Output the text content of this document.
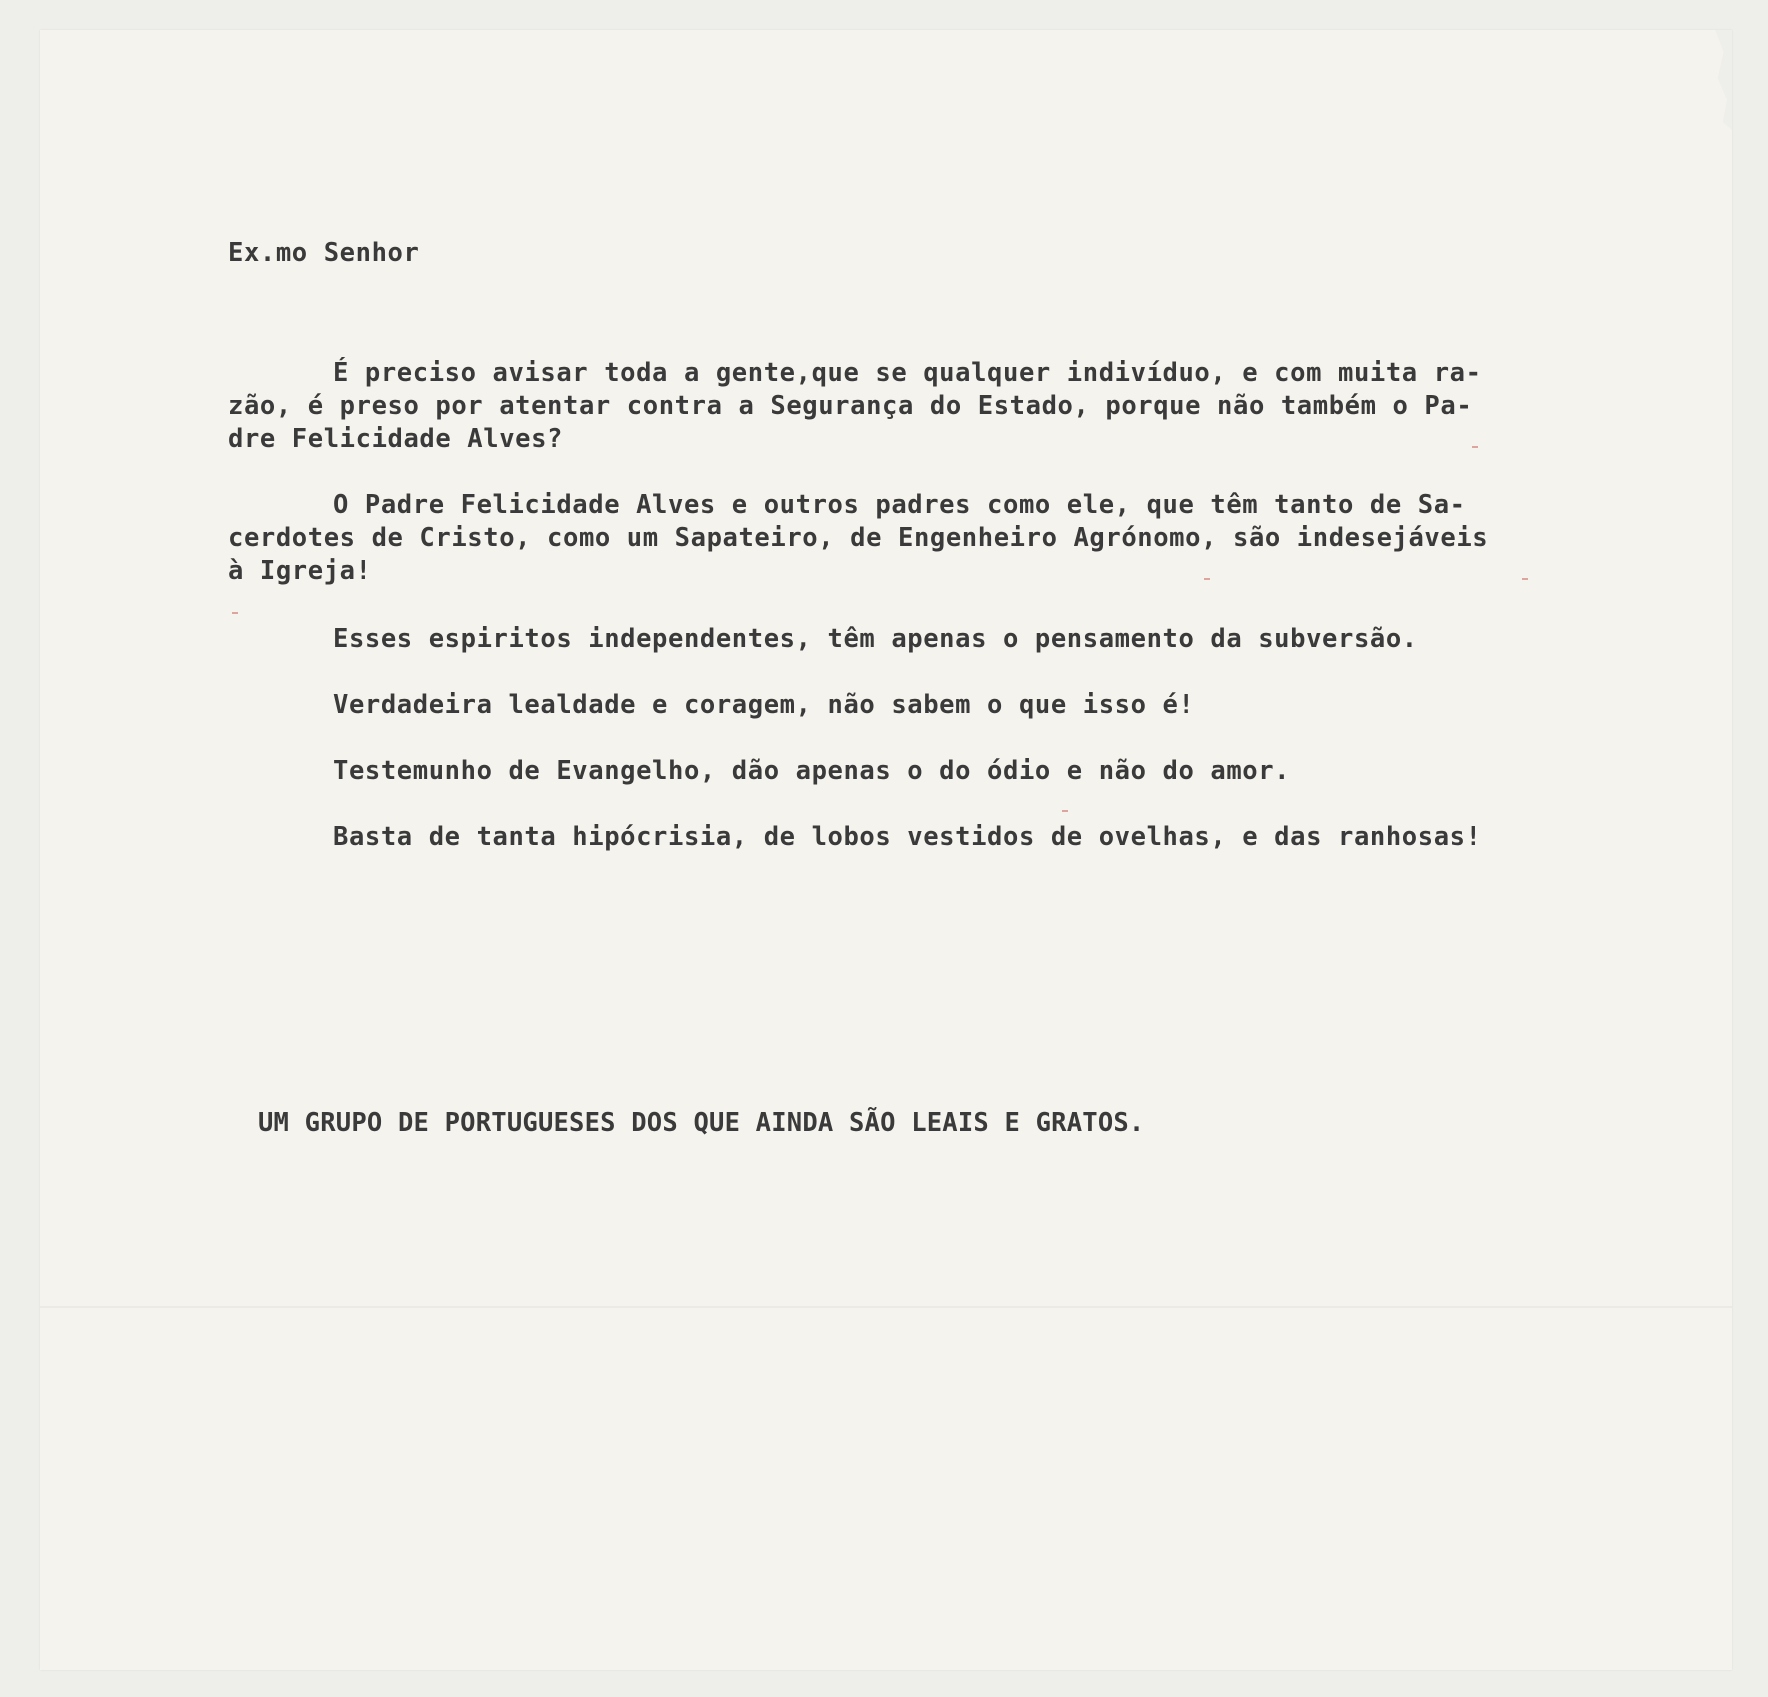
Ex.mo Senhor

É preciso avisar toda a gente,que se qualquer indivíduo, e com muita ra-

zão, é preso por atentar contra a Segurança do Estado, porque não também o Pa-

dre Felicidade Alves?

O Padre Felicidade Alves e outros padres como ele, que têm tanto de Sa-

cerdotes de Cristo, como um Sapateiro, de Engenheiro Agrónomo, são indesejáveis

à Igreja!

Esses espiritos independentes, têm apenas o pensamento da subversão.

Verdadeira lealdade e coragem, não sabem o que isso é!

Testemunho de Evangelho, dão apenas o do ódio e não do amor.

Basta de tanta hipócrisia, de lobos vestidos de ovelhas, e das ranhosas!

UM GRUPO DE PORTUGUESES DOS QUE AINDA SÃO LEAIS E GRATOS.
